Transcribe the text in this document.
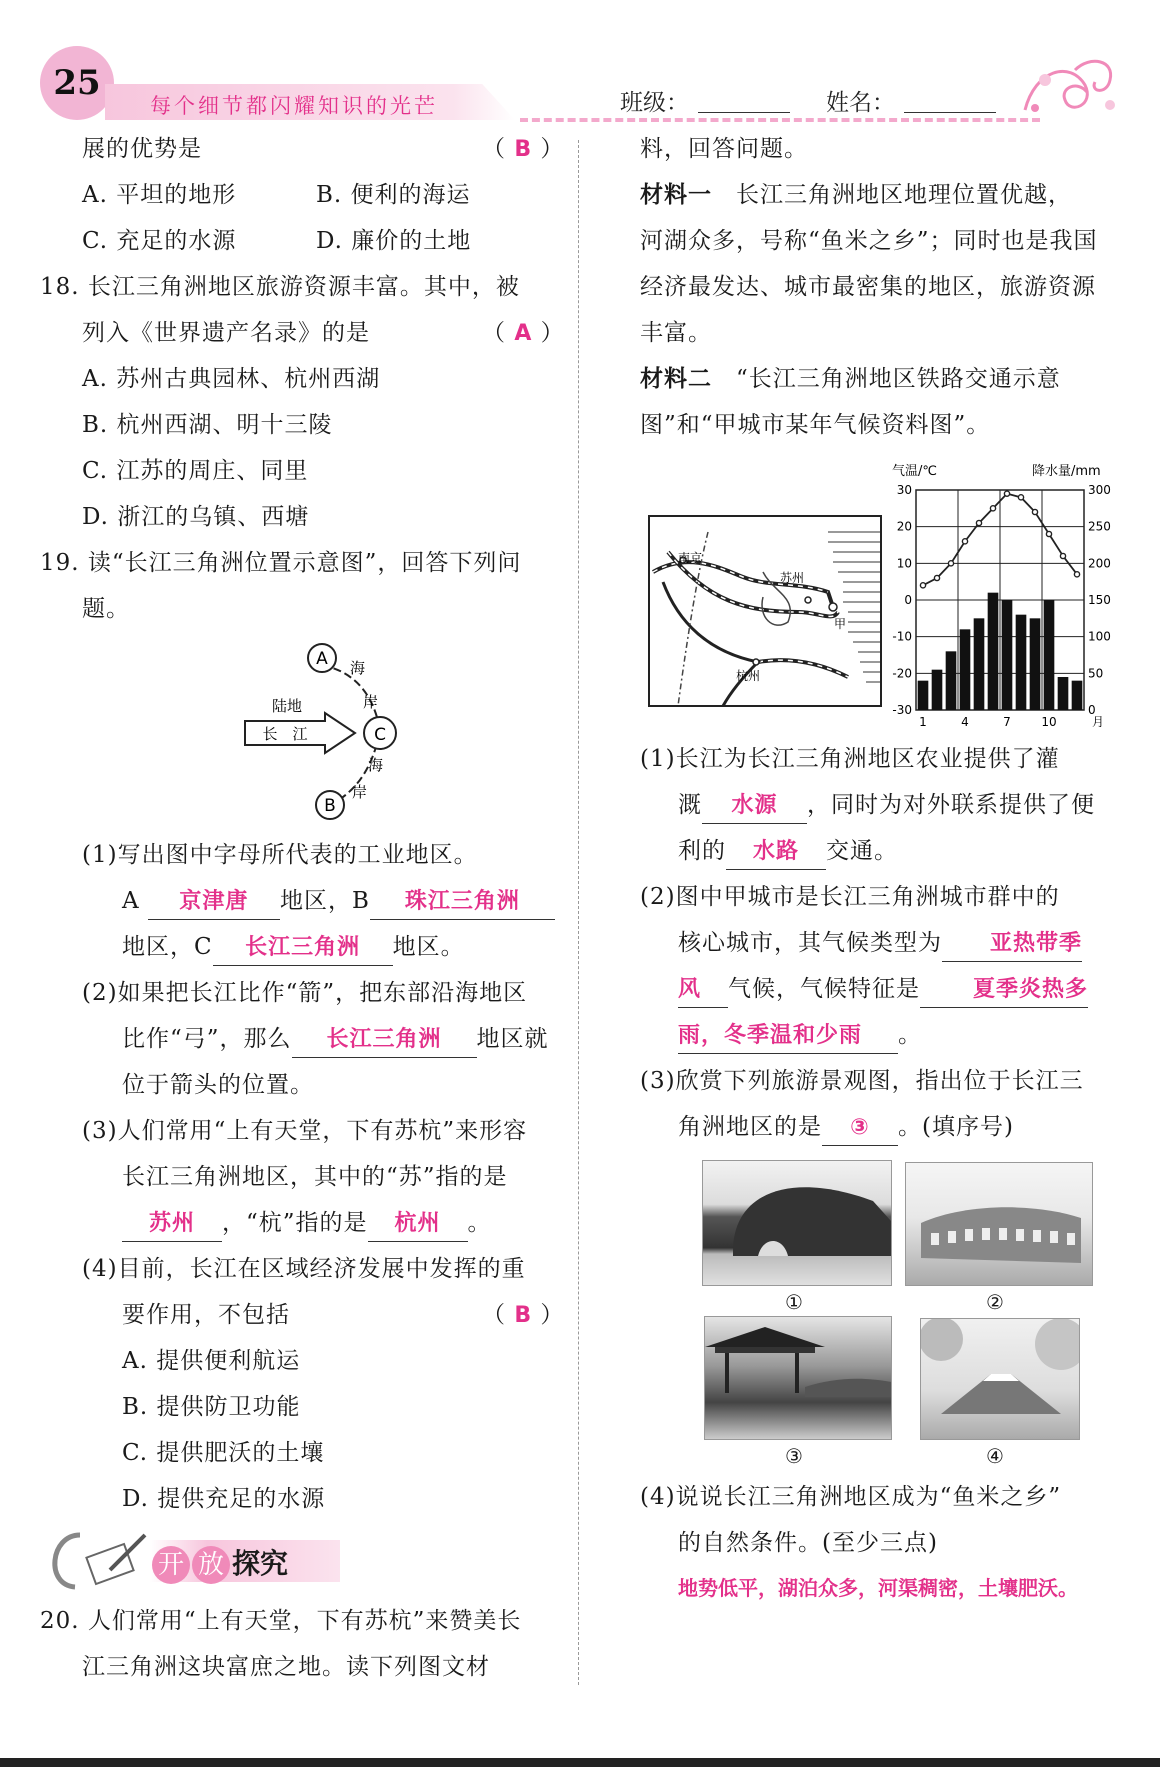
25
每个细节都闪耀知识的光芒	班级：	姓名：
展的优势是	（ B ）
A. 平坦的地形	B. 便利的海运
C. 充足的水源	D. 廉价的土地
18. 长江三角洲地区旅游资源丰富。其中，被
列入《世界遗产名录》的是	（ A ）
A. 苏州古典园林、杭州西湖
B. 杭州西湖、明十三陵
C. 江苏的周庄、同里
D. 浙江的乌镇、西塘
19. 读“长江三角洲位置示意图”，回答下列问
题。
A
C
B
海
岸
海
岸
陆地
长　江
(1)写出图中字母所代表的工业地区。
A 京津唐 地区，B 珠江三角洲
地区，C 长江三角洲 地区。
(2)如果把长江比作“箭”，把东部沿海地区
比作“弓”，那么 长江三角洲 地区就
位于箭头的位置。
(3)人们常用“上有天堂，下有苏杭”来形容
长江三角洲地区，其中的“苏”指的是
苏州 ，“杭”指的是 杭州 。
(4)目前，长江在区域经济发展中发挥的重
要作用，不包括	（ B ）
A. 提供便利航运
B. 提供防卫功能
C. 提供肥沃的土壤
D. 提供充足的水源
开 放 探究
20. 人们常用“上有天堂，下有苏杭”来赞美长
江三角洲这块富庶之地。读下列图文材
料，回答问题。
材料一　 长江三角洲地区地理位置优越，
河湖众多，号称“鱼米之乡”；同时也是我国
经济最发达、城市最密集的地区，旅游资源
丰富。
材料二　 “长江三角洲地区铁路交通示意
图”和“甲城市某年气候资料图”。
南京
苏州
甲
杭州
气温/℃	降水量/mm
30
20
10
0
-10
-20
-30
300
250
200
150
100
50
0
1	4	7	10	月
(1)长江为长江三角洲地区农业提供了灌
溉 水源 ，同时为对外联系提供了便
利的 水路 交通。
(2)图中甲城市是长江三角洲城市群中的
核心城市，其气候类型为 亚热带季
风 气候，气候特征是 夏季炎热多
雨，冬季温和少雨 。
(3)欣赏下列旅游景观图，指出位于长江三
角洲地区的是 ③ 。(填序号)
①	②
③	④
(4)说说长江三角洲地区成为“鱼米之乡”
的自然条件。(至少三点)
地势低平，湖泊众多，河渠稠密，土壤肥沃。
